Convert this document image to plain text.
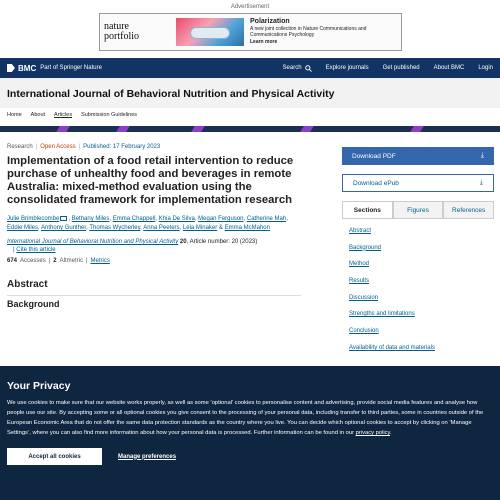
Advertisement
nature
portfolio
Polarization
A new joint collection in Nature Communications and Communications Psychology
Learn more
BMC Part of Springer Nature	Search	Explore journals Get published About BMC Login
International Journal of Behavioral Nutrition and Physical Activity
Home About Articles Submission Guidelines
Research | Open Access | Published: 17 February 2023
Implementation of a food retail intervention to reduce purchase of unhealthy food and beverages in remote Australia: mixed-method evaluation using the consolidated framework for implementation research
Julie Brimblecombe , Bethany Miles, Emma Chappell, Khia De Silva, Megan Ferguson, Catherine Mah, Eddie Miles, Anthony Gunther, Thomas Wycherley, Anna Peeters, Leia Minaker & Emma McMahon
International Journal of Behavioral Nutrition and Physical Activity 20, Article number: 20 (2023)
| Cite this article
674 Accesses | 2 Altmetric | Metrics
Abstract
Background
Download PDF	⤓
Download ePub	⤓
Sections	Figures	References
Abstract
Background
Method
Results
Discussion
Strengths and limitations
Conclusion
Availability of data and materials
Your Privacy

We use cookies to make sure that our website works properly, as well as some ‘optional’ cookies to personalise content and advertising, provide social media features and analyse how people use our site. By accepting some or all optional cookies you give consent to the processing of your personal data, including transfer to third parties, some in countries outside of the European Economic Area that do not offer the same data protection standards as the country where you live. You can decide which optional cookies to accept by clicking on ‘Manage Settings’, where you can also find more information about how your personal data is processed. Further information can be found in our privacy policy.

Accept all cookies	Manage preferences
